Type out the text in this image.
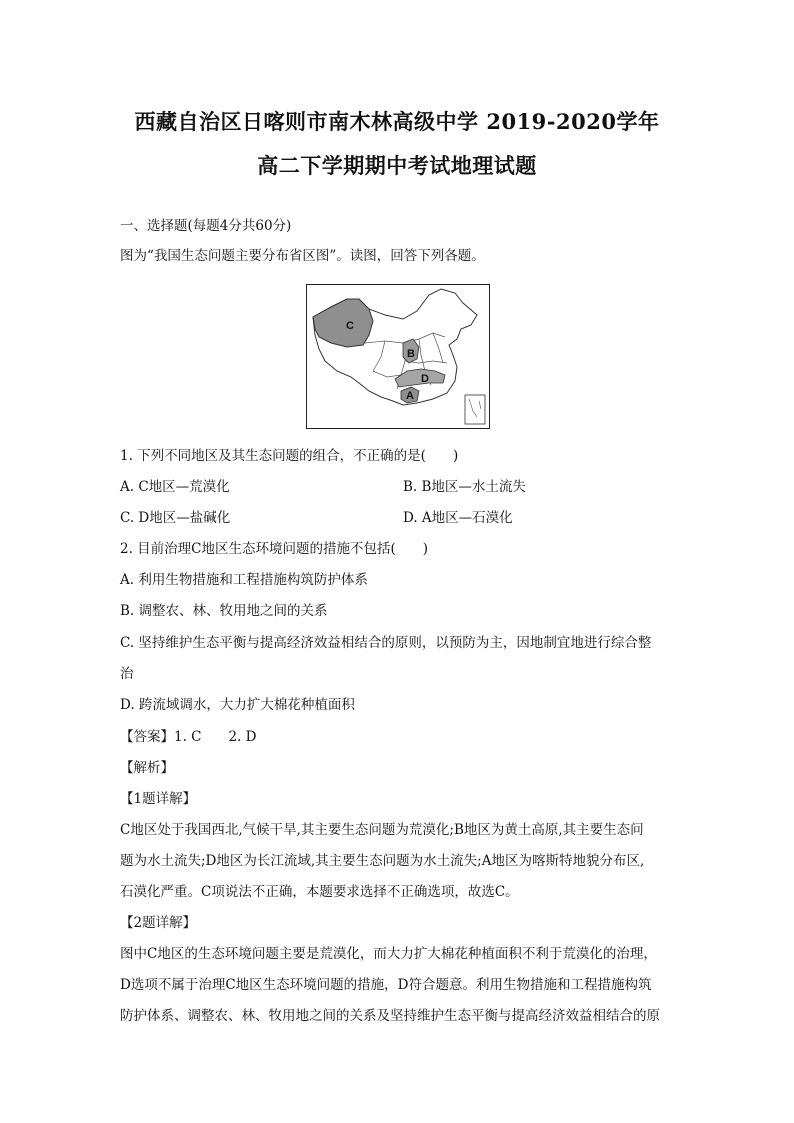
西藏自治区日喀则市南木林高级中学 2019-2020学年
高二下学期期中考试地理试题
一、选择题(每题4分共60分)
图为“我国生态问题主要分布省区图”。读图，回答下列各题。
C
B
D
A
1. 下列不同地区及其生态问题的组合，不正确的是(　　)
A. C地区—荒漠化	B. B地区—水土流失
C. D地区—盐碱化	D. A地区—石漠化
2. 目前治理C地区生态环境问题的措施不包括(　　)
A. 利用生物措施和工程措施构筑防护体系
B. 调整农、林、牧用地之间的关系
C. 坚持维护生态平衡与提高经济效益相结合的原则，以预防为主，因地制宜地进行综合整
治
D. 跨流域调水，大力扩大棉花种植面积
【答案】1. C　　2. D
【解析】
【1题详解】
C地区处于我国西北,气候干旱,其主要生态问题为荒漠化;B地区为黄土高原,其主要生态问
题为水土流失;D地区为长江流域,其主要生态问题为水土流失;A地区为喀斯特地貌分布区,
石漠化严重。C项说法不正确，本题要求选择不正确选项，故选C。
【2题详解】
图中C地区的生态环境问题主要是荒漠化，而大力扩大棉花种植面积不利于荒漠化的治理，
D选项不属于治理C地区生态环境问题的措施，D符合题意。利用生物措施和工程措施构筑
防护体系、调整农、林、牧用地之间的关系及坚持维护生态平衡与提高经济效益相结合的原
